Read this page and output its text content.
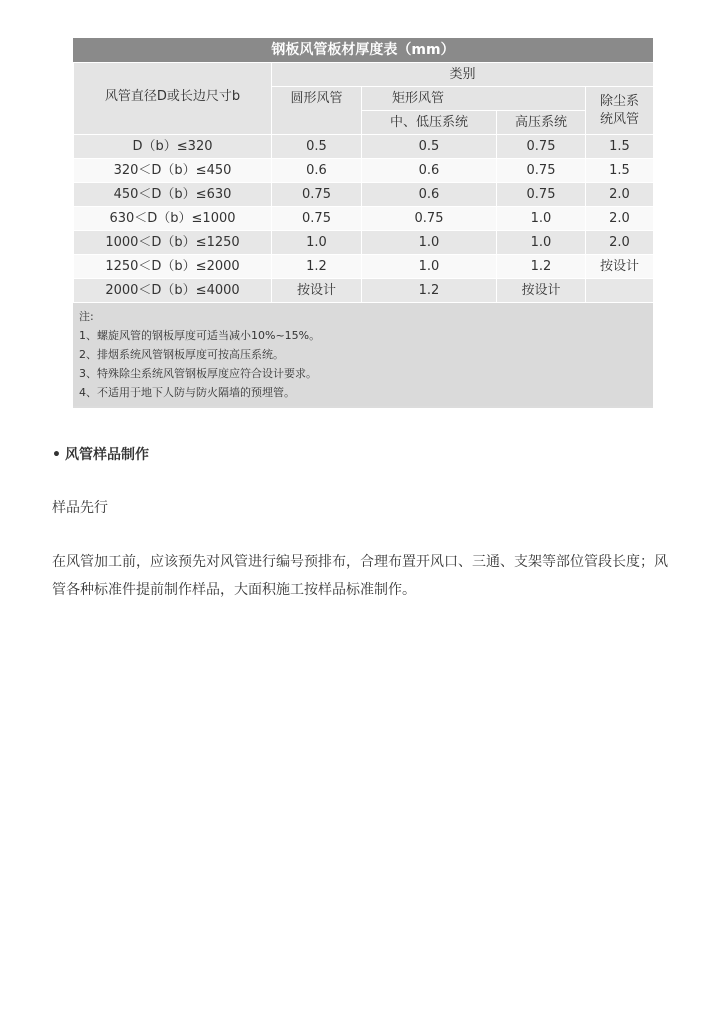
钢板风管板材厚度表（mm）
风管直径D或长边尺寸b	类别			
	圆形风管	矩形风管		除尘系
统风管
		中、低压系统	高压系统	
D（b）≤320	0.5	0.5	0.75	1.5
320＜D（b）≤450	0.6	0.6	0.75	1.5
450＜D（b）≤630	0.75	0.6	0.75	2.0
630＜D（b）≤1000	0.75	0.75	1.0	2.0
1000＜D（b）≤1250	1.0	1.0	1.0	2.0
1250＜D（b）≤2000	1.2	1.0	1.2	按设计
2000＜D（b）≤4000	按设计	1.2	按设计	
注:
1、螺旋风管的钢板厚度可适当减小10%~15%。
2、排烟系统风管钢板厚度可按高压系统。
3、特殊除尘系统风管钢板厚度应符合设计要求。
4、不适用于地下人防与防火隔墙的预埋管。
• 风管样品制作
样品先行
在风管加工前，应该预先对风管进行编号预排布，合理布置开风口、三通、支架等部位管段长度；风管各种标准件提前制作样品，大面积施工按样品标准制作。
